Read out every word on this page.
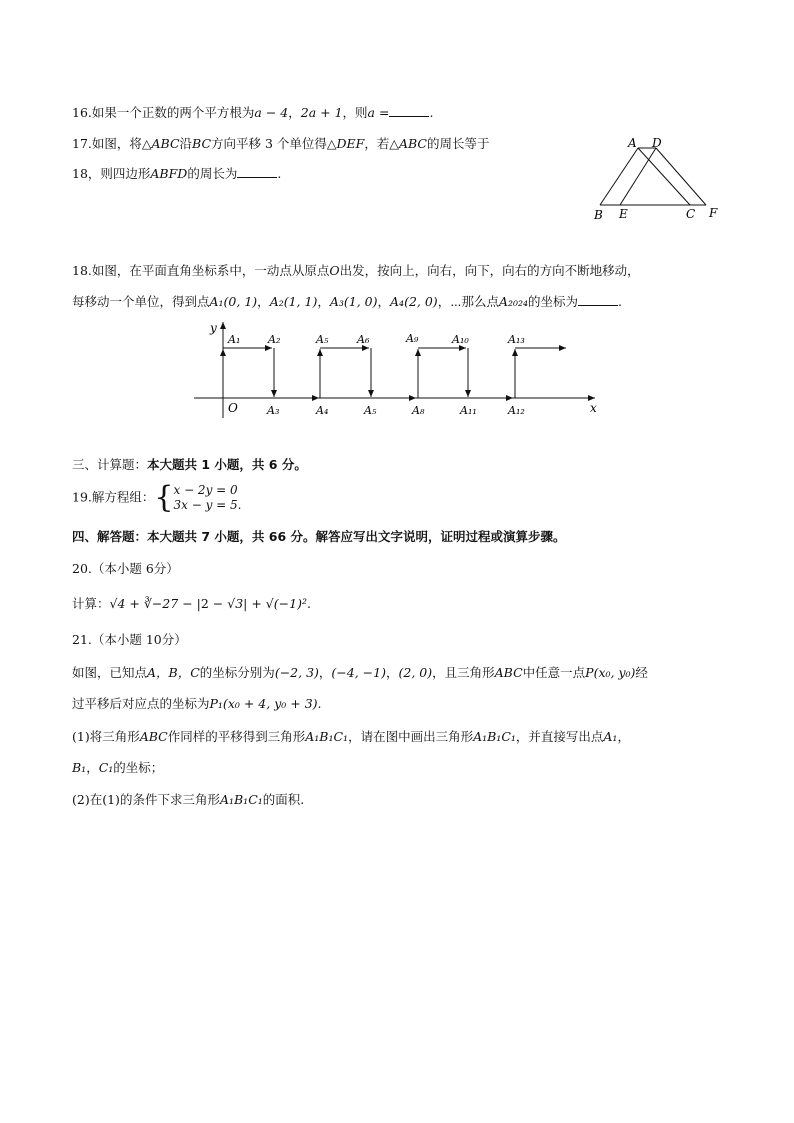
16.如果一个正数的两个平方根为a − 4，2a + 1，则a =	.
17.如图，将△ABC沿BC方向平移 3 个单位得△DEF，若△ABC的周长等于
18，则四边形ABFD的周长为	.
A D
B E	C F
18.如图，在平面直角坐标系中，一动点从原点O出发，按向上，向右，向下，向右的方向不断地移动，
每移动一个单位，得到点A₁(0, 1)，A₂(1, 1)，A₃(1, 0)，A₄(2, 0)，⋯那么点A₂₀₂₄的坐标为	.
y
x
O
A₁	A₂	A₅	A₆	A₉	A₁₀	A₁₃
A₃	A₄	A₅	A₈	A₁₁	A₁₂
三、计算题：本大题共 1 小题，共 6 分。
19.解方程组：{x − 2y = 0
3x − y = 5.
四、解答题：本大题共 7 小题，共 66 分。解答应写出文字说明，证明过程或演算步骤。
20.（本小题 6分）
计算：√4 + ∛−27 − |2 − √3| + √(−1)².
21.（本小题 10分）
如图，已知点A，B，C的坐标分别为(−2, 3)，(−4, −1)，(2, 0)，且三角形ABC中任意一点P(x₀, y₀)经
过平移后对应点的坐标为P₁(x₀ + 4, y₀ + 3).
(1)将三角形ABC作同样的平移得到三角形A₁B₁C₁，请在图中画出三角形A₁B₁C₁，并直接写出点A₁，
B₁，C₁的坐标；
(2)在(1)的条件下求三角形A₁B₁C₁的面积.
